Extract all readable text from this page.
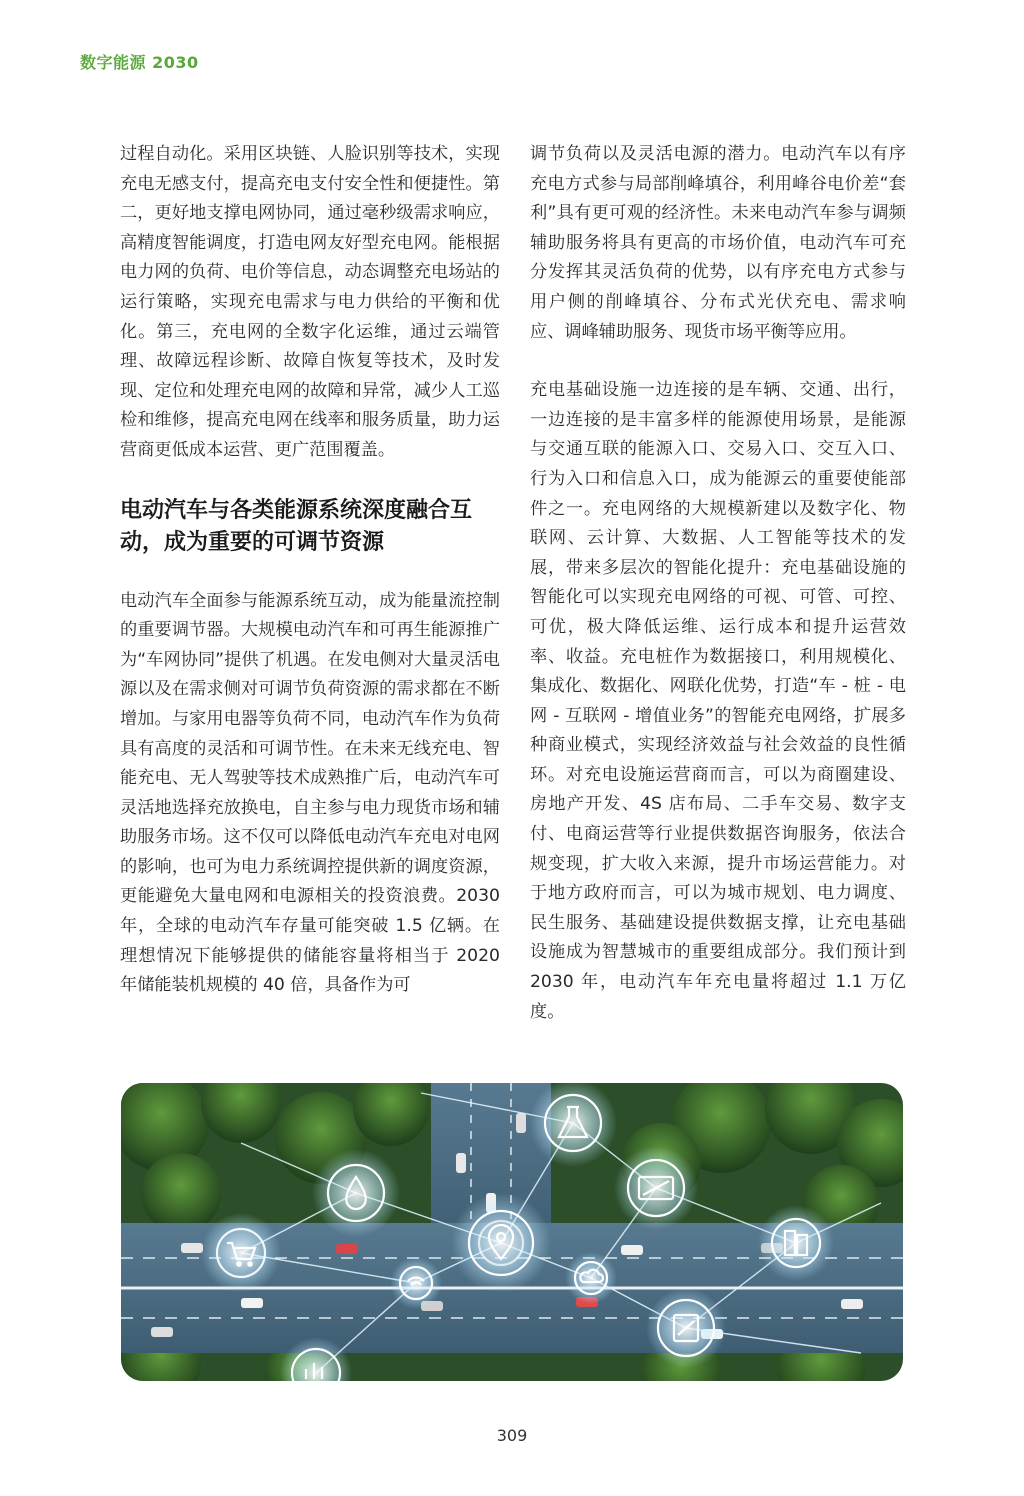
数字能源 2030

过程自动化。采用区块链、人脸识别等技术，实现充电无感支付，提高充电支付安全性和便捷性。第二，更好地支撑电网协同，通过毫秒级需求响应，高精度智能调度，打造电网友好型充电网。能根据电力网的负荷、电价等信息，动态调整充电场站的运行策略，实现充电需求与电力供给的平衡和优化。第三，充电网的全数字化运维，通过云端管理、故障远程诊断、故障自恢复等技术，及时发现、定位和处理充电网的故障和异常，减少人工巡检和维修，提高充电网在线率和服务质量，助力运营商更低成本运营、更广范围覆盖。

电动汽车与各类能源系统深度融合互动，成为重要的可调节资源

电动汽车全面参与能源系统互动，成为能量流控制的重要调节器。大规模电动汽车和可再生能源推广为“车网协同”提供了机遇。在发电侧对大量灵活电源以及在需求侧对可调节负荷资源的需求都在不断增加。与家用电器等负荷不同，电动汽车作为负荷具有高度的灵活和可调节性。在未来无线充电、智能充电、无人驾驶等技术成熟推广后，电动汽车可灵活地选择充放换电，自主参与电力现货市场和辅助服务市场。这不仅可以降低电动汽车充电对电网的影响，也可为电力系统调控提供新的调度资源，更能避免大量电网和电源相关的投资浪费。2030 年，全球的电动汽车存量可能突破 1.5 亿辆。在理想情况下能够提供的储能容量将相当于 2020 年储能装机规模的 40 倍，具备作为可

调节负荷以及灵活电源的潜力。电动汽车以有序充电方式参与局部削峰填谷，利用峰谷电价差“套利”具有更可观的经济性。未来电动汽车参与调频辅助服务将具有更高的市场价值，电动汽车可充分发挥其灵活负荷的优势，以有序充电方式参与用户侧的削峰填谷、分布式光伏充电、需求响应、调峰辅助服务、现货市场平衡等应用。

充电基础设施一边连接的是车辆、交通、出行，一边连接的是丰富多样的能源使用场景，是能源与交通互联的能源入口、交易入口、交互入口、行为入口和信息入口，成为能源云的重要使能部件之一。充电网络的大规模新建以及数字化、物联网、云计算、大数据、人工智能等技术的发展，带来多层次的智能化提升：充电基础设施的智能化可以实现充电网络的可视、可管、可控、可优，极大降低运维、运行成本和提升运营效率、收益。充电桩作为数据接口，利用规模化、集成化、数据化、网联化优势，打造“车 - 桩 - 电网 - 互联网 - 增值业务”的智能充电网络，扩展多种商业模式，实现经济效益与社会效益的良性循环。对充电设施运营商而言，可以为商圈建设、房地产开发、4S 店布局、二手车交易、数字支付、电商运营等行业提供数据咨询服务，依法合规变现，扩大收入来源，提升市场运营能力。对于地方政府而言，可以为城市规划、电力调度、民生服务、基础建设提供数据支撑，让充电基础设施成为智慧城市的重要组成部分。我们预计到 2030 年，电动汽车年充电量将超过 1.1 万亿度。

309
